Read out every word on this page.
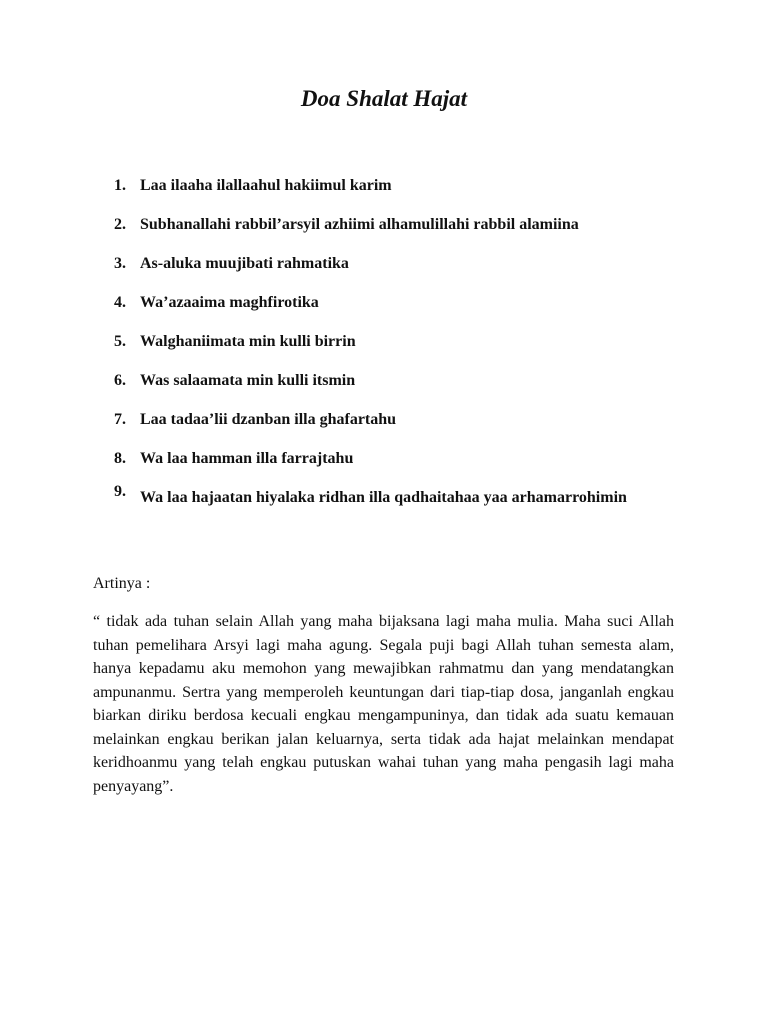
Doa Shalat Hajat
1. Laa ilaaha ilallaahul hakiimul karim
2. Subhanallahi rabbil’arsyil azhiimi alhamulillahi rabbil alamiina
3. As-aluka muujibati rahmatika
4. Wa’azaaima maghfirotika
5. Walghaniimata min kulli birrin
6. Was salaamata min kulli itsmin
7. Laa tadaa’lii dzanban illa ghafartahu
8. Wa laa hamman illa farrajtahu
9. Wa laa hajaatan hiyalaka ridhan illa qadhaitahaa yaa arhamarrohimin

Artinya :

“ tidak ada tuhan selain Allah yang maha bijaksana lagi maha mulia. Maha suci Allah tuhan pemelihara Arsyi lagi maha agung. Segala puji bagi Allah tuhan semesta alam, hanya kepadamu aku memohon yang mewajibkan rahmatmu dan yang mendatangkan ampunanmu. Sertra yang memperoleh keuntungan dari tiap-tiap dosa, janganlah engkau biarkan diriku berdosa kecuali engkau mengampuninya, dan tidak ada suatu kemauan melainkan engkau berikan jalan keluarnya, serta tidak ada hajat melainkan mendapat keridhoanmu yang telah engkau putuskan wahai tuhan yang maha pengasih lagi maha penyayang”.
